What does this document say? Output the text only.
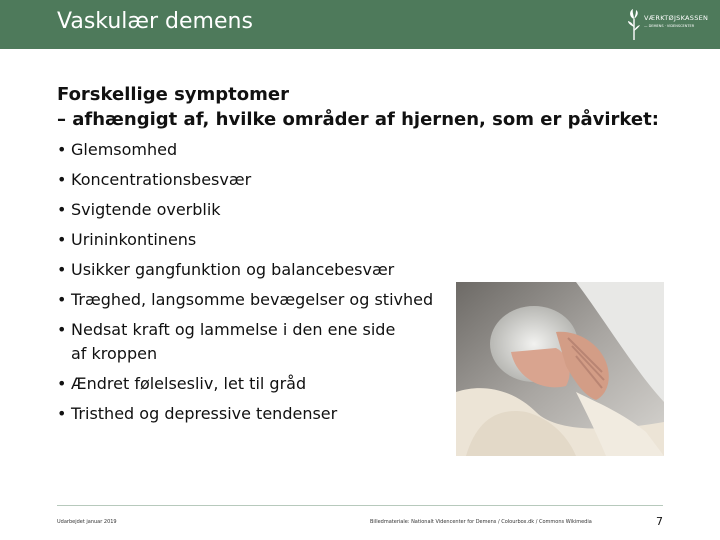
Vaskulær demens	VÆRKTØJSKASSEN
— DEMENS · VIDENSCENTER
Forskellige symptomer
– afhængigt af, hvilke områder af hjernen, som er påvirket:
• Glemsomhed
• Koncentrationsbesvær
• Svigtende overblik
• Urininkontinens
• Usikker gangfunktion og balancebesvær
• Træghed, langsomme bevægelser og stivhed
• Nedsat kraft og lammelse i den ene side af kroppen
• Ændret følelsesliv, let til gråd
• Tristhed og depressive tendenser
Udarbejdet januar 2019	Billedmateriale: Nationalt Videncenter for Demens / Colourbox.dk / Commons Wikimedia	7
